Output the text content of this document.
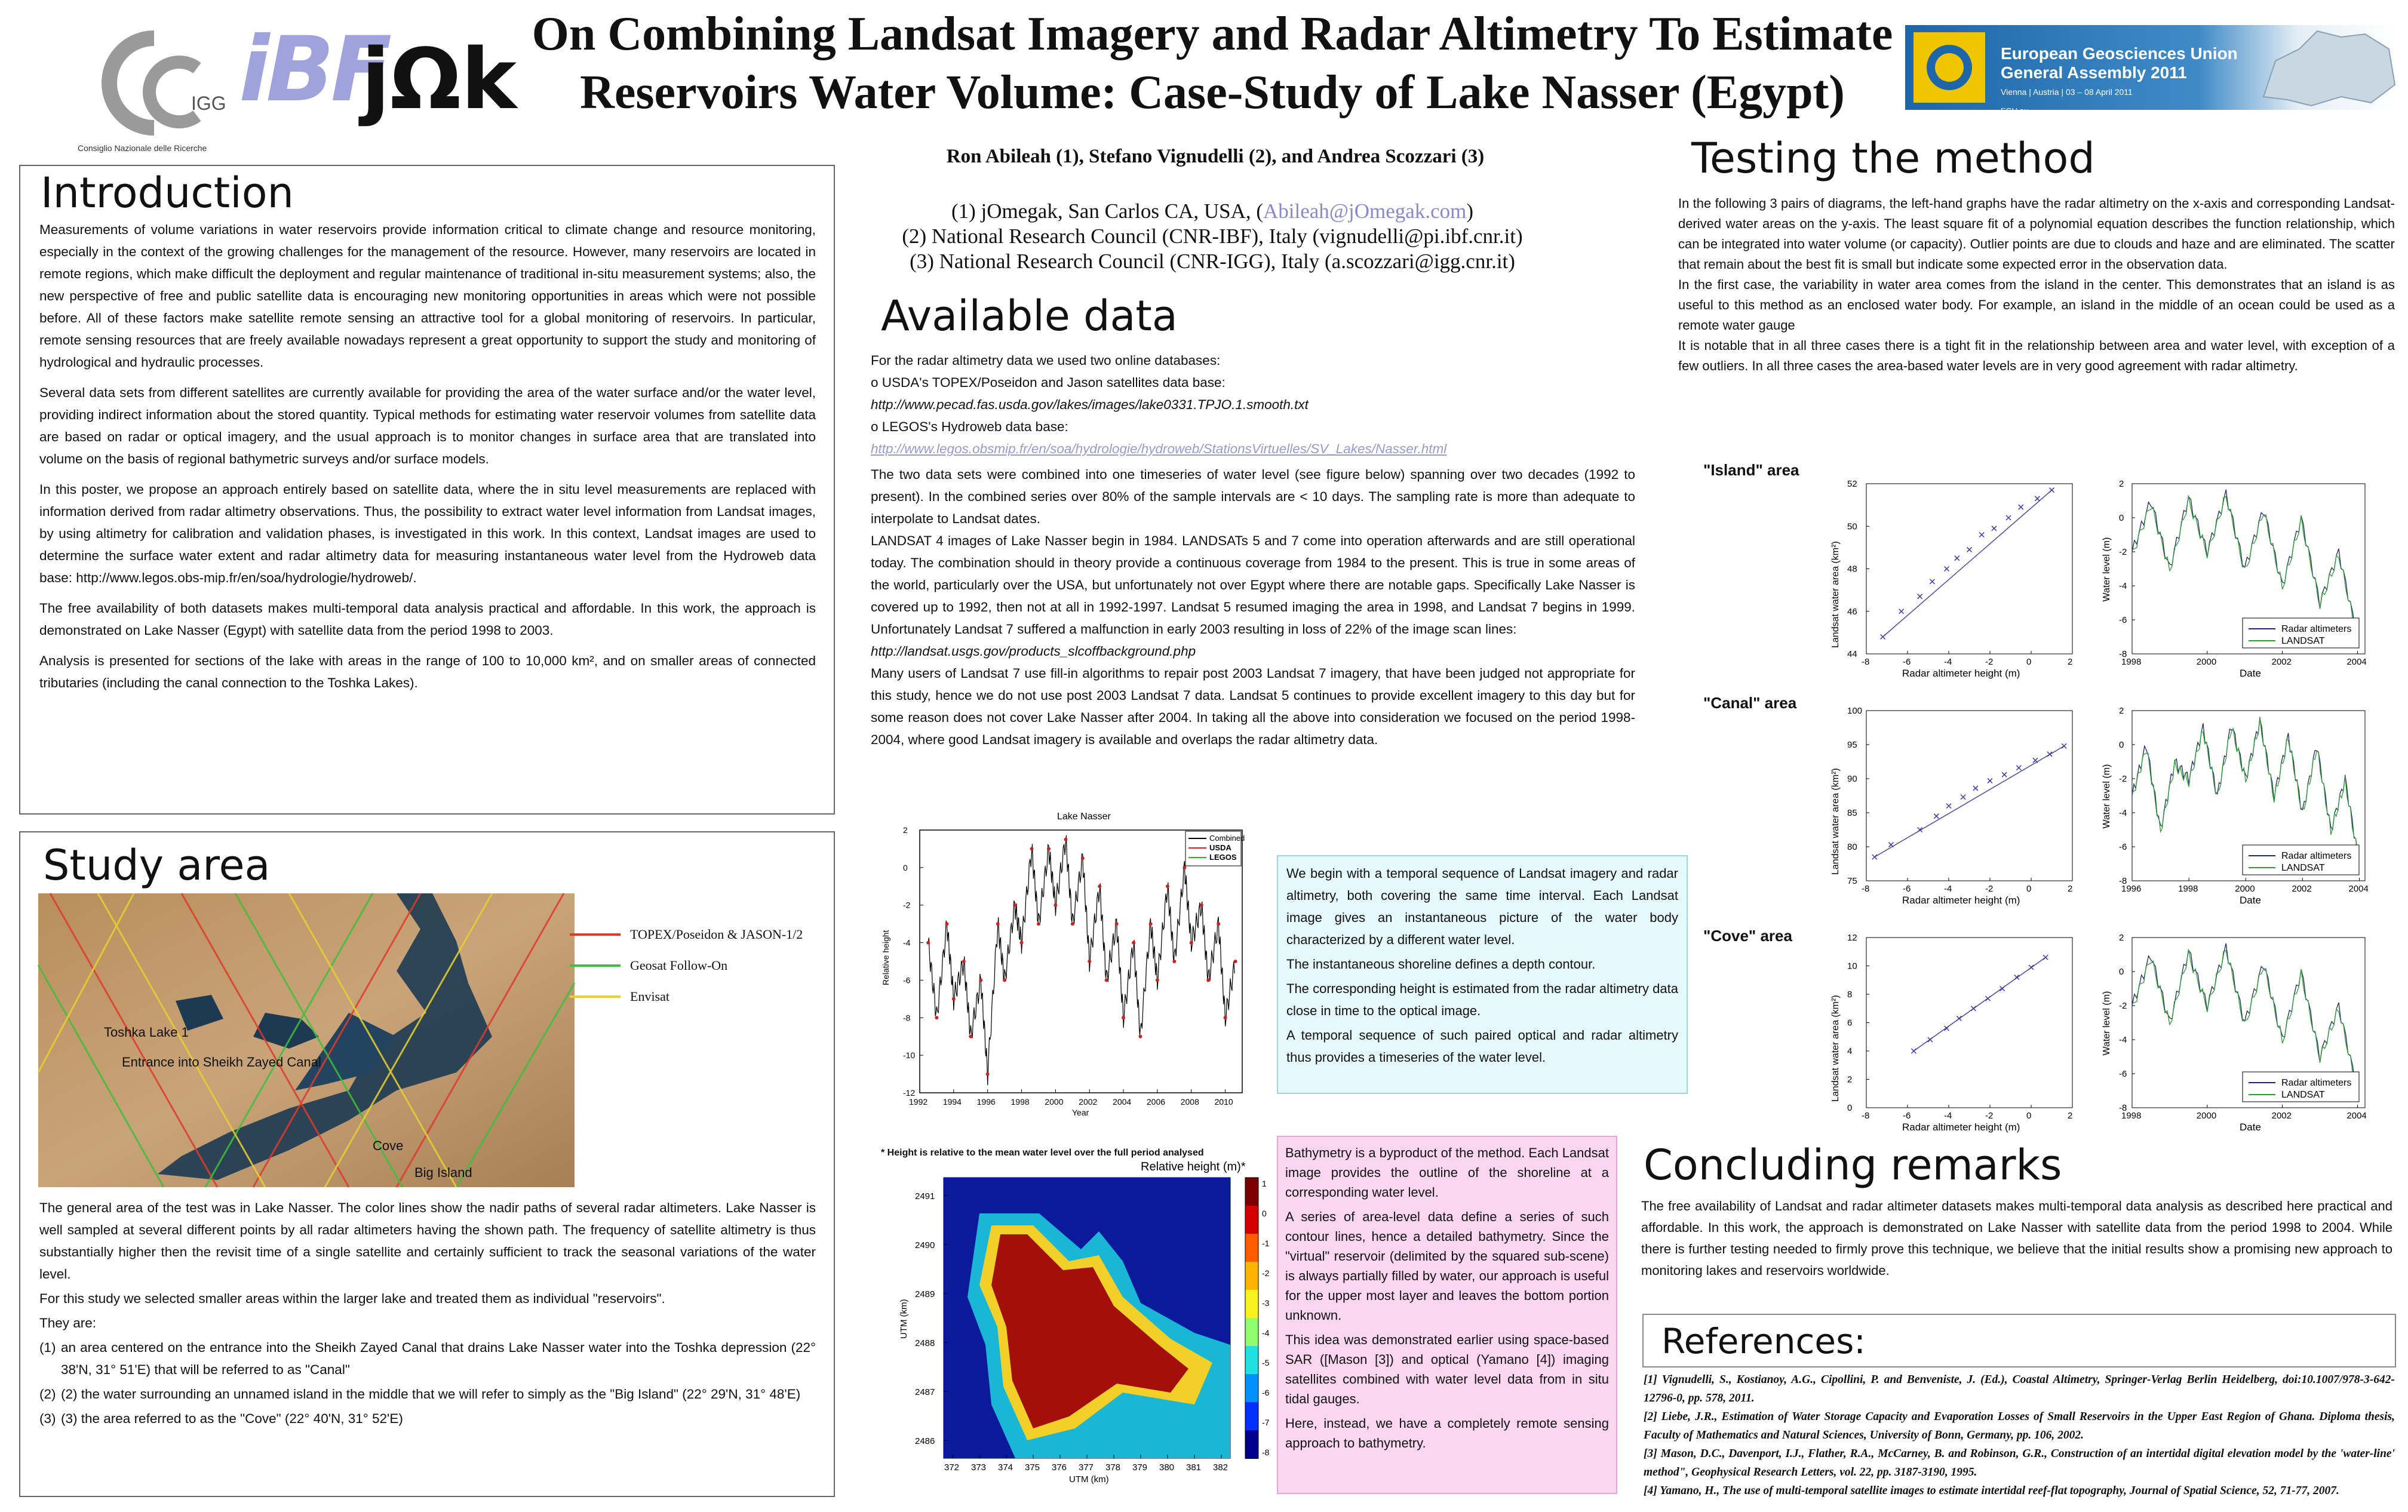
IGG
Consiglio Nazionale delle Ricerche
iBF
jΩk On Combining Landsat Imagery and Radar Altimetry To Estimate
Reservoirs Water Volume: Case-Study of Lake Nasser (Egypt)
European Geosciences Union
General Assembly 2011
Vienna | Austria | 03 – 08 April 2011
EGU.eu
Ron Abileah (1), Stefano Vignudelli (2), and Andrea Scozzari (3)
(1) jOmegak, San Carlos CA, USA, (Abileah@jOmegak.com)
(2) National Research Council (CNR-IBF), Italy (vignudelli@pi.ibf.cnr.it)
(3) National Research Council (CNR-IGG), Italy (a.scozzari@igg.cnr.it)
Introduction

Measurements of volume variations in water reservoirs provide information critical to climate change and resource monitoring, especially in the context of the growing challenges for the management of the resource. However, many reservoirs are located in remote regions, which make difficult the deployment and regular maintenance of traditional in-situ measurement systems; also, the new perspective of free and public satellite data is encouraging new monitoring opportunities in areas which were not possible before. All of these factors make satellite remote sensing an attractive tool for a global monitoring of reservoirs. In particular, remote sensing resources that are freely available nowadays represent a great opportunity to support the study and monitoring of hydrological and hydraulic processes.

Several data sets from different satellites are currently available for providing the area of the water surface and/or the water level, providing indirect information about the stored quantity. Typical methods for estimating water reservoir volumes from satellite data are based on radar or optical imagery, and the usual approach is to monitor changes in surface area that are translated into volume on the basis of regional bathymetric surveys and/or surface models.

In this poster, we propose an approach entirely based on satellite data, where the in situ level measurements are replaced with information derived from radar altimetry observations. Thus, the possibility to extract water level information from Landsat images, by using altimetry for calibration and validation phases, is investigated in this work. In this context, Landsat images are used to determine the surface water extent and radar altimetry data for measuring instantaneous water level from the Hydroweb data base: http://www.legos.obs-mip.fr/en/soa/hydrologie/hydroweb/.

The free availability of both datasets makes multi-temporal data analysis practical and affordable. In this work, the approach is demonstrated on Lake Nasser (Egypt) with satellite data from the period 1998 to 2003.

Analysis is presented for sections of the lake with areas in the range of 100 to 10,000 km², and on smaller areas of connected tributaries (including the canal connection to the Toshka Lakes).

Study area
Toshka Lake 1
Entrance into Sheikh Zayed Canal
Cove
Big Island
TOPEX/Poseidon & JASON-1/2
Geosat Follow-On
Envisat

The general area of the test was in Lake Nasser. The color lines show the nadir paths of several radar altimeters. Lake Nasser is well sampled at several different points by all radar altimeters having the shown path. The frequency of satellite altimetry is thus substantially higher then the revisit time of a single satellite and certainly sufficient to track the seasonal variations of the water level.

For this study we selected smaller areas within the larger lake and treated them as individual "reservoirs".

They are:

(1) an area centered on the entrance into the Sheikh Zayed Canal that drains Lake Nasser water into the Toshka depression (22° 38'N, 31° 51'E) that will be referred to as "Canal"
(2) (2) the water surrounding an unnamed island in the middle that we will refer to simply as the "Big Island" (22° 29'N, 31° 48'E)
(3) (3) the area referred to as the "Cove" (22° 40'N, 31° 52'E)
Available data
For the radar altimetry data we used two online databases:
o USDA's TOPEX/Poseidon and Jason satellites data base:
http://www.pecad.fas.usda.gov/lakes/images/lake0331.TPJO.1.smooth.txt
o LEGOS's Hydroweb data base:
http://www.legos.obsmip.fr/en/soa/hydrologie/hydroweb/StationsVirtuelles/SV_Lakes/Nasser.html
The two data sets were combined into one timeseries of water level (see figure below) spanning over two decades (1992 to present). In the combined series over 80% of the sample intervals are < 10 days. The sampling rate is more than adequate to interpolate to Landsat dates.
LANDSAT 4 images of Lake Nasser begin in 1984. LANDSATs 5 and 7 come into operation afterwards and are still operational today. The combination should in theory provide a continuous coverage from 1984 to the present. This is true in some areas of the world, particularly over the USA, but unfortunately not over Egypt where there are notable gaps. Specifically Lake Nasser is covered up to 1992, then not at all in 1992-1997. Landsat 5 resumed imaging the area in 1998, and Landsat 7 begins in 1999. Unfortunately Landsat 7 suffered a malfunction in early 2003 resulting in loss of 22% of the image scan lines:
http://landsat.usgs.gov/products_slcoffbackground.php
Many users of Landsat 7 use fill-in algorithms to repair post 2003 Landsat 7 imagery, that have been judged not appropriate for this study, hence we do not use post 2003 Landsat 7 data. Landsat 5 continues to provide excellent imagery to this day but for some reason does not cover Lake Nasser after 2004. In taking all the above into consideration we focused on the period 1998-2004, where good Landsat imagery is available and overlaps the radar altimetry data.
Lake Nasser
1992 1994 1996 1998 2000 2002 2004 2006 2008 2010
2
0
-2
-4
-6
-8
-10
-12
Year
Relative height
Combined
USDA
LEGOS
We begin with a temporal sequence of Landsat imagery and radar altimetry, both covering the same time interval. Each Landsat image gives an instantaneous picture of the water body characterized by a different water level.
The instantaneous shoreline defines a depth contour.
The corresponding height is estimated from the radar altimetry data close in time to the optical image.
A temporal sequence of such paired optical and radar altimetry thus provides a timeseries of the water level.
* Height is relative to the mean water level over the full period analysed
Relative height (m)*
2491
2490
2489
2488
2487
2486
372 373 374 375 376 377 378 379 380 381 382
UTM (km)
UTM (km)
1
0
-1
-2
-3
-4
-5
-6
-7
-8
Bathymetry is a byproduct of the method. Each Landsat image provides the outline of the shoreline at a corresponding water level.
A series of area-level data define a series of such contour lines, hence a detailed bathymetry. Since the "virtual" reservoir (delimited by the squared sub-scene) is always partially filled by water, our approach is useful for the upper most layer and leaves the bottom portion unknown.
This idea was demonstrated earlier using space-based SAR ([Mason [3]) and optical (Yamano [4]) imaging satellites combined with water level data from in situ tidal gauges.
Here, instead, we have a completely remote sensing approach to bathymetry.
Testing the method
In the following 3 pairs of diagrams, the left-hand graphs have the radar altimetry on the x-axis and corresponding Landsat-derived water areas on the y-axis. The least square fit of a polynomial equation describes the function relationship, which can be integrated into water volume (or capacity). Outlier points are due to clouds and haze and are eliminated. The scatter that remain about the best fit is small but indicate some expected error in the observation data.
In the first case, the variability in water area comes from the island in the center. This demonstrates that an island is as useful to this method as an enclosed water body. For example, an island in the middle of an ocean could be used as a remote water gauge
It is notable that in all three cases there is a tight fit in the relationship between area and water level, with exception of a few outliers. In all three cases the area-based water levels are in very good agreement with radar altimetry.
"Island" area
"Canal" area
"Cove" area
-8	-6	-4	-2	0	2
52
50
48
46
44
Radar altimeter height (m)
Landsat water area (km²)
1998	2000	2002	2004
2
0
-2
-4
-6
-8
Date
Water level (m)
Radar altimeters
LANDSAT
-8	-6	-4	-2	0	2
100
95
90
85
80
75
Radar altimeter height (m)
Landsat water area (km²)
1996	1998	2000	2002	2004
2
0
-2
-4
-6
-8
Date
Water level (m)
Radar altimeters
LANDSAT
-8	-6	-4	-2	0	2
12
10
8
6
4
2
0
Radar altimeter height (m)
Landsat water area (km²)
1998	2000	2002	2004
2
0
-2
-4
-6
-8
Date
Water level (m)
Radar altimeters
LANDSAT
Concluding remarks
The free availability of Landsat and radar altimeter datasets makes multi-temporal data analysis as described here practical and affordable. In this work, the approach is demonstrated on Lake Nasser with satellite data from the period 1998 to 2004. While there is further testing needed to firmly prove this technique, we believe that the initial results show a promising new approach to monitoring lakes and reservoirs worldwide.
References:
[1] Vignudelli, S., Kostianoy, A.G., Cipollini, P. and Benveniste, J. (Ed.), Coastal Altimetry, Springer-Verlag Berlin Heidelberg, doi:10.1007/978-3-642-12796-0, pp. 578, 2011.
[2] Liebe, J.R., Estimation of Water Storage Capacity and Evaporation Losses of Small Reservoirs in the Upper East Region of Ghana. Diploma thesis, Faculty of Mathematics and Natural Sciences, University of Bonn, Germany, pp. 106, 2002.
[3] Mason, D.C., Davenport, I.J., Flather, R.A., McCarney, B. and Robinson, G.R., Construction of an intertidal digital elevation model by the 'water-line' method", Geophysical Research Letters, vol. 22, pp. 3187-3190, 1995.
[4] Yamano, H., The use of multi-temporal satellite images to estimate intertidal reef-flat topography, Journal of Spatial Science, 52, 71-77, 2007.
